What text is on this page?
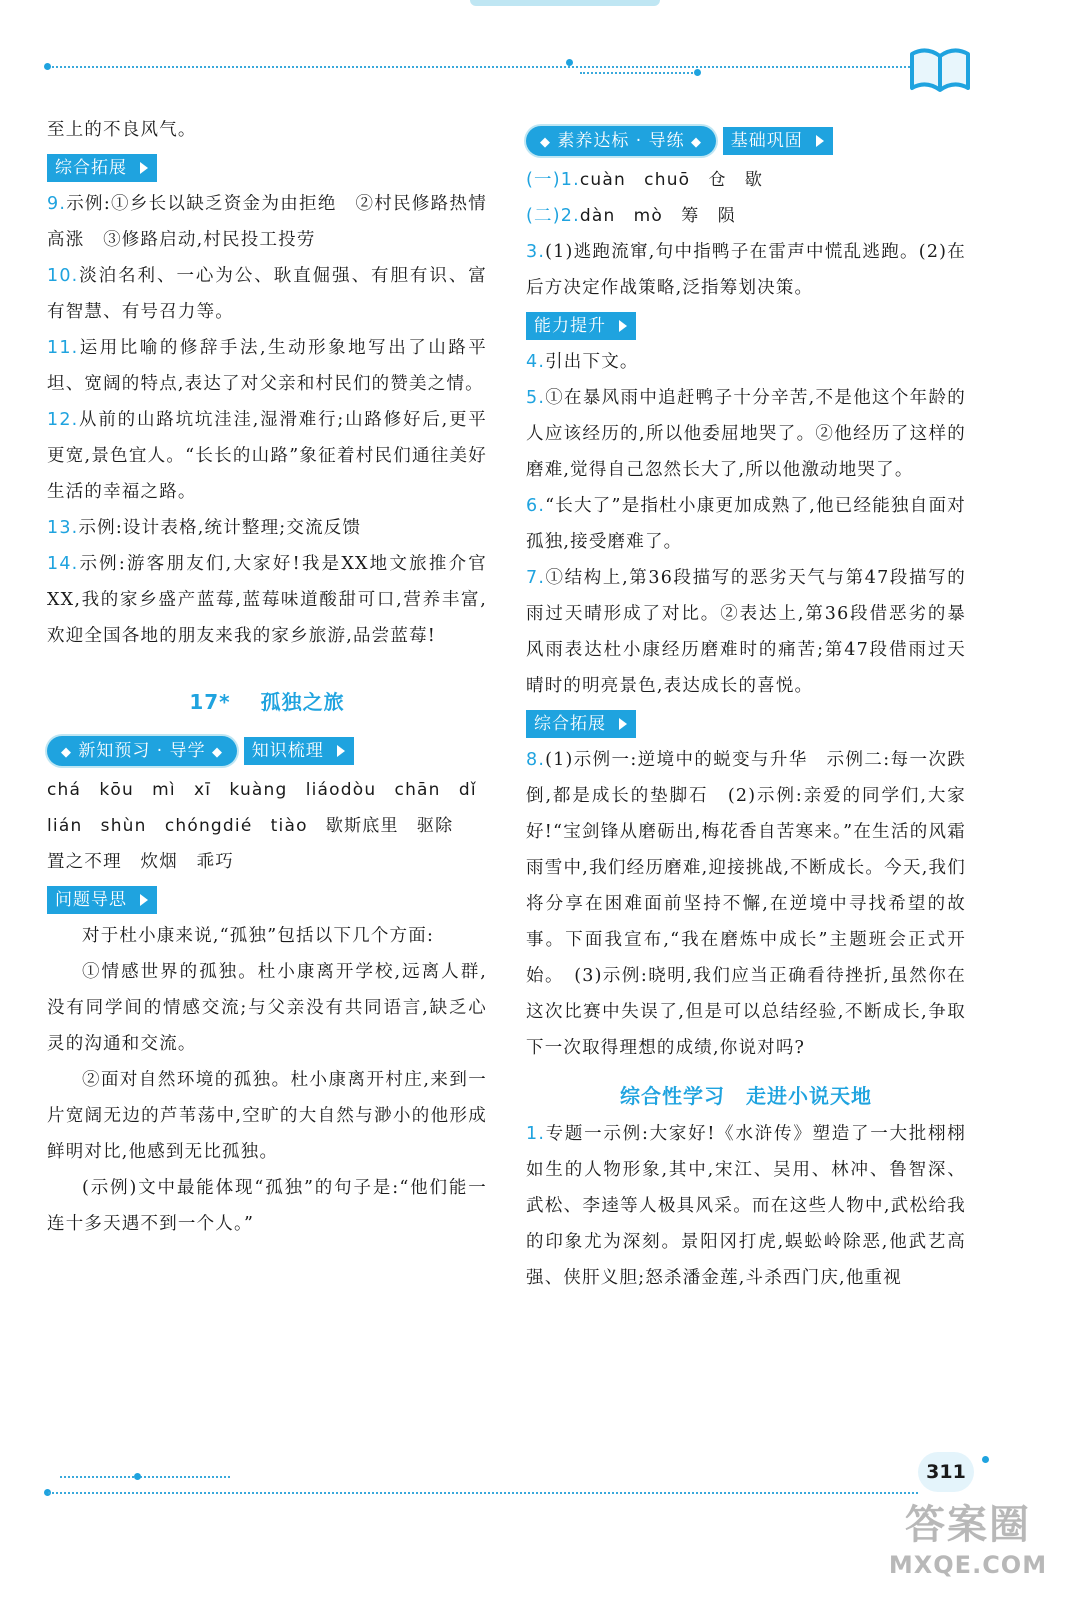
至上的不良风气。

综合拓展

9.示例:①乡长以缺乏资金为由拒绝　②村民修路热情高涨　③修路启动,村民投工投劳

10.淡泊名利、一心为公、耿直倔强、有胆有识、富有智慧、有号召力等。

11.运用比喻的修辞手法,生动形象地写出了山路平坦、宽阔的特点,表达了对父亲和村民们的赞美之情。

12.从前的山路坑坑洼洼,湿滑难行;山路修好后,更平更宽,景色宜人。“长长的山路”象征着村民们通往美好生活的幸福之路。

13.示例:设计表格,统计整理;交流反馈

14.示例:游客朋友们,大家好!我是XX地文旅推介官XX,我的家乡盛产蓝莓,蓝莓味道酸甜可口,营养丰富,欢迎全国各地的朋友来我的家乡旅游,品尝蓝莓!

17* 孤独之旅
◆ 新知预习 · 导学 ◆ 知识梳理

chá　kōu　mì　xī　kuàng　liáodòu　chān　dǐ

lián　shùn　chóngdié　tiào　 歇斯底里　驱除

置之不理　炊烟　乖巧

问题导思

对于杜小康来说,“孤独”包括以下几个方面:

①情感世界的孤独。杜小康离开学校,远离人群,没有同学间的情感交流;与父亲没有共同语言,缺乏心灵的沟通和交流。

②面对自然环境的孤独。杜小康离开村庄,来到一片宽阔无边的芦苇荡中,空旷的大自然与渺小的他形成鲜明对比,他感到无比孤独。

(示例)文中最能体现“孤独”的句子是:“他们能一连十多天遇不到一个人。”

◆ 素养达标 · 导练 ◆ 基础巩固

(一)1.cuàn　chuō　仓　歇

(二)2.dàn　mò　筹　陨

3.(1)逃跑流窜,句中指鸭子在雷声中慌乱逃跑。(2)在后方决定作战策略,泛指筹划决策。

能力提升

4.引出下文。

5.①在暴风雨中追赶鸭子十分辛苦,不是他这个年龄的人应该经历的,所以他委屈地哭了。②他经历了这样的磨难,觉得自己忽然长大了,所以他激动地哭了。

6.“长大了”是指杜小康更加成熟了,他已经能独自面对孤独,接受磨难了。

7.①结构上,第36段描写的恶劣天气与第47段描写的雨过天晴形成了对比。②表达上,第36段借恶劣的暴风雨表达杜小康经历磨难时的痛苦;第47段借雨过天晴时的明亮景色,表达成长的喜悦。

综合拓展

8.(1)示例一:逆境中的蜕变与升华　示例二:每一次跌倒,都是成长的垫脚石　(2)示例:亲爱的同学们,大家好!“宝剑锋从磨砺出,梅花香自苦寒来。”在生活的风霜雨雪中,我们经历磨难,迎接挑战,不断成长。今天,我们将分享在困难面前坚持不懈,在逆境中寻找希望的故事。下面我宣布,“我在磨炼中成长”主题班会正式开始。　(3)示例:晓明,我们应当正确看待挫折,虽然你在这次比赛中失误了,但是可以总结经验,不断成长,争取下一次取得理想的成绩,你说对吗?

综合性学习　走进小说天地

1.专题一示例:大家好!《水浒传》塑造了一大批栩栩如生的人物形象,其中,宋江、吴用、林冲、鲁智深、武松、李逵等人极具风采。而在这些人物中,武松给我的印象尤为深刻。景阳冈打虎,蜈蚣岭除恶,他武艺高强、侠肝义胆;怒杀潘金莲,斗杀西门庆,他重视

311
答案圈
MXQE.COM
